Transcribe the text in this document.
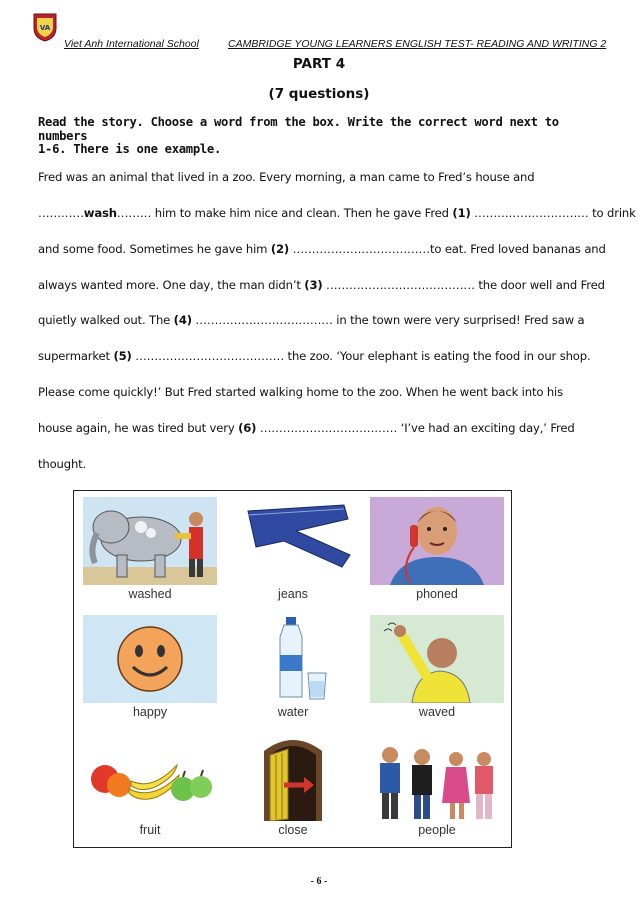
VA
Viet Anh International School	CAMBRIDGE YOUNG LEARNERS ENGLISH TEST- READING AND WRITING 2
PART 4
(7 questions)
Read the story. Choose a word from the box. Write the correct word next to numbers
1-6. There is one example.
Fred was an animal that lived in a zoo. Every morning, a man came to Fred’s house and
…………wash……… him to make him nice and clean. Then he gave Fred (1) ………………………… to drink
and some food. Sometimes he gave him (2) ………………………………to eat. Fred loved bananas and
always wanted more. One day, the man didn’t (3) ………………………………… the door well and Fred
quietly walked out. The (4) ……………………………… in the town were very surprised! Fred saw a
supermarket (5) ………………………………… the zoo. ‘Your elephant is eating the food in our shop.
Please come quickly!’ But Fred started walking home to the zoo. When he went back into his
house again, he was tired but very (6) ……………………………… ‘I’ve had an exciting day,’ Fred
thought.
washed	jeans	phoned
happy	water	waved
fruit	close	people
- 6 -
